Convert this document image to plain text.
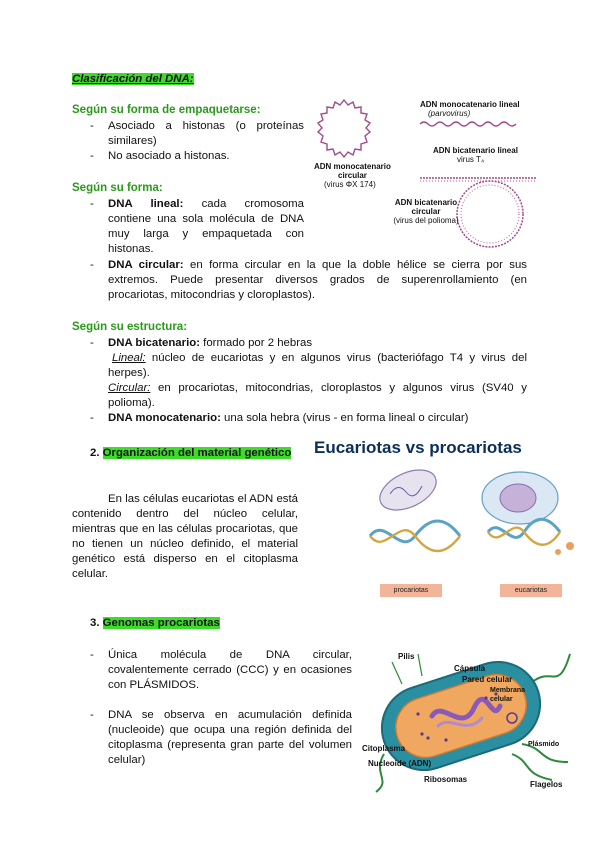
Clasificación del DNA:
Según su forma de empaquetarse:
- Asociado a histonas (o proteínas similares)
- No asociado a histonas.
Según su forma:
- DNA lineal: cada cromosoma contiene una sola molécula de DNA muy larga y empaquetada con histonas.
- DNA circular: en forma circular en la que la doble hélice se cierra por sus extremos. Puede presentar diversos grados de superenrollamiento (en procariotas, mitocondrias y cloroplastos).
Según su estructura:
- DNA bicatenario: formado por 2 hebras
Lineal: núcleo de eucariotas y en algunos virus (bacteriófago T4 y virus del herpes).
Circular: en procariotas, mitocondrias, cloroplastos y algunos virus (SV40 y polioma).
- DNA monocatenario: una sola hebra (virus - en forma lineal o circular)
ADN monocatenario lineal
(parvovirus)
ADN bicatenario lineal
virus T₄
ADN monocatenario
circular
(virus ΦX 174)
ADN bicatenario
circular
(virus del polioma)
2. Organización del material genético
En las células eucariotas el ADN está contenido dentro del núcleo celular, mientras que en las células procariotas, que no tienen un núcleo definido, el material genético está disperso en el citoplasma celular.
Eucariotas vs procariotas
procariotas	eucariotas
3. Genomas procariotas
- Única molécula de DNA circular, covalentemente cerrado (CCC) y en ocasiones con PLÁSMIDOS.
- DNA se observa en acumulación definida (nucleoide) que ocupa una región definida del citoplasma (representa gran parte del volumen celular)
Pilis
Cápsula
Pared celular
Membrana
celular
Citoplasma
Nucleoide (ADN)
Ribosomas
Plásmido
Flagelos
